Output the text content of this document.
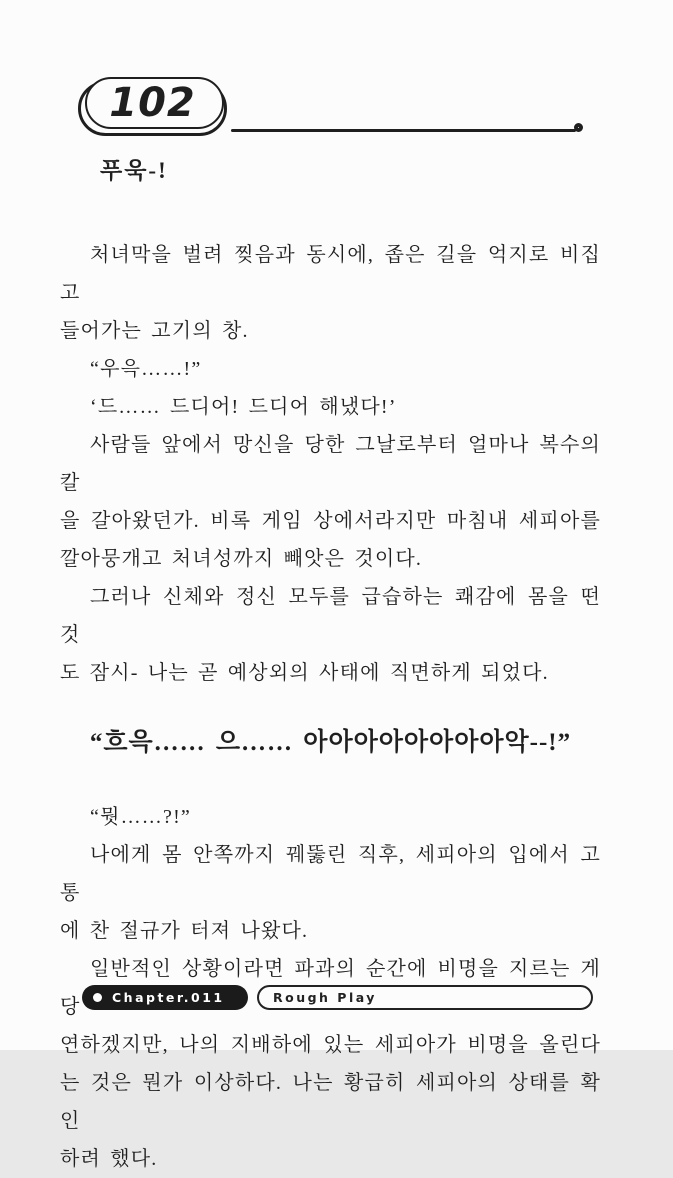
102
푸욱-!
처녀막을 벌려 찢음과 동시에, 좁은 길을 억지로 비집고
들어가는 고기의 창.
“우윽……!”
‘드…… 드디어! 드디어 해냈다!’
사람들 앞에서 망신을 당한 그날로부터 얼마나 복수의 칼
을 갈아왔던가. 비록 게임 상에서라지만 마침내 세피아를
깔아뭉개고 처녀성까지 빼앗은 것이다.
그러나 신체와 정신 모두를 급습하는 쾌감에 몸을 떤 것
도 잠시- 나는 곧 예상외의 사태에 직면하게 되었다.
“흐윽…… 으…… 아아아아아아아아악--!”
“뭣……?!”
나에게 몸 안쪽까지 꿰뚫린 직후, 세피아의 입에서 고통
에 찬 절규가 터져 나왔다.
일반적인 상황이라면 파과의 순간에 비명을 지르는 게 당
연하겠지만, 나의 지배하에 있는 세피아가 비명을 올린다
는 것은 뭔가 이상하다. 나는 황급히 세피아의 상태를 확인
하려 했다.
Chapter.011	Rough Play
